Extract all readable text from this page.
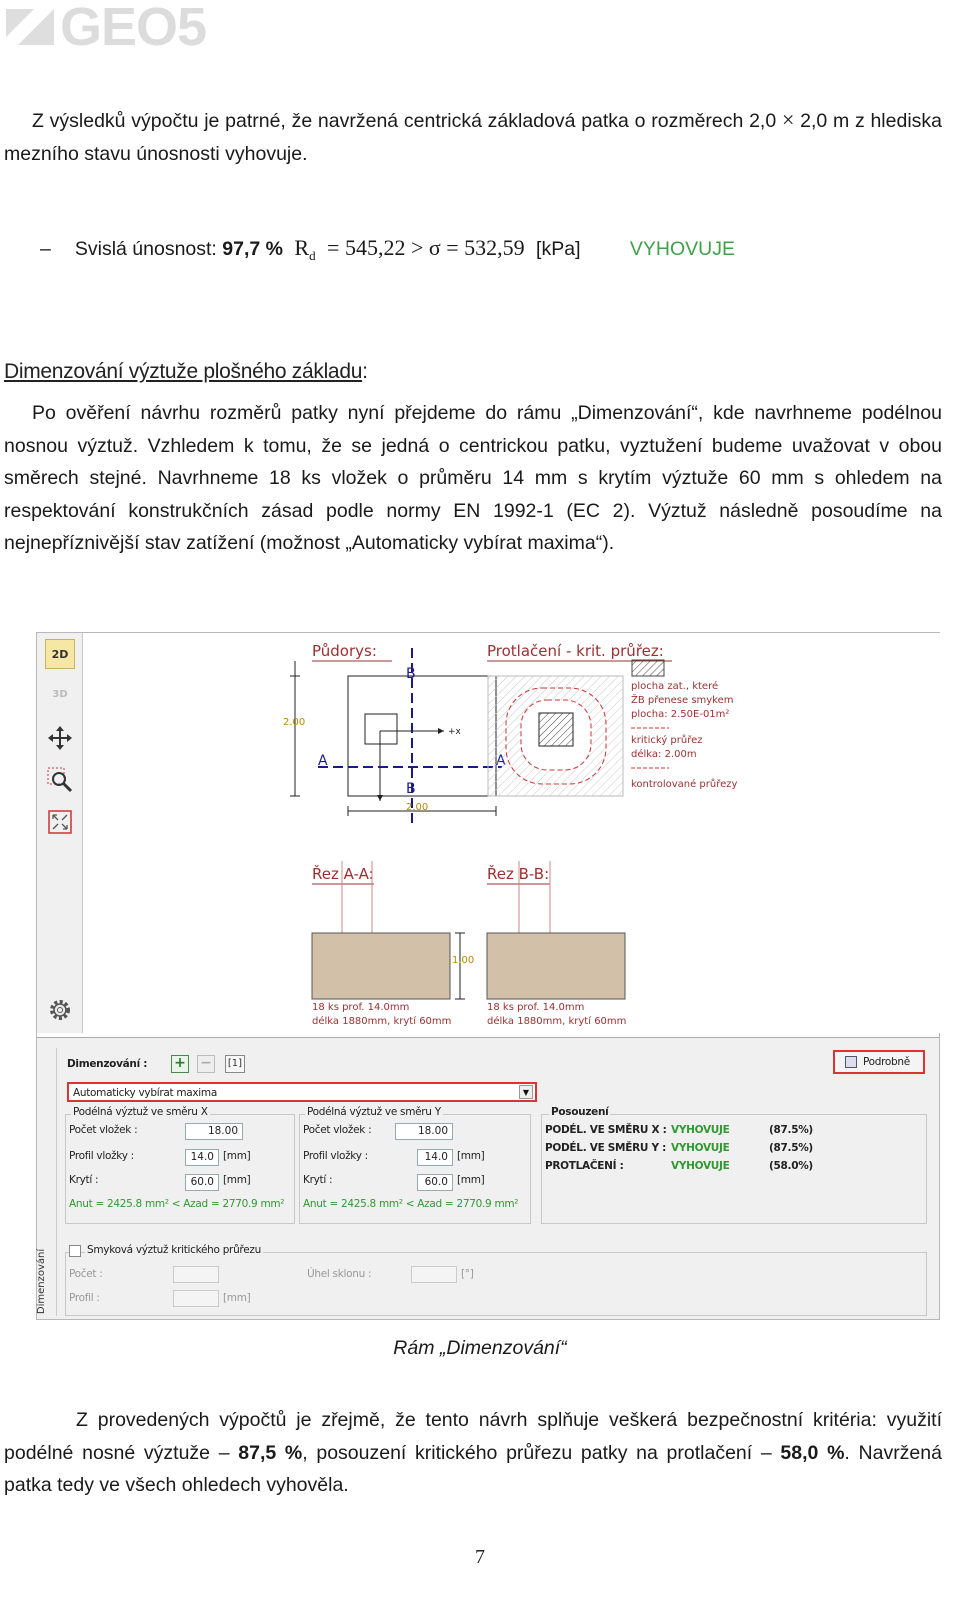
GEO5

Z výsledků výpočtu je patrné, že navržená centrická základová patka o rozměrech 2,0 × 2,0 m z hlediska mezního stavu únosnosti vyhovuje.

– Svislá únosnost: 97,7 % $R_d = 545,22 > \sigma = 532,59$ [kPa]	VYHOVUJE
Dimenzování výztuže plošného základu:

Po ověření návrhu rozměrů patky nyní přejdeme do rámu „Dimenzování“, kde navrhneme podélnou nosnou výztuž. Vzhledem k tomu, že se jedná o centrickou patku, vyztužení budeme uvažovat v obou směrech stejné. Navrhneme 18 ks vložek o průměru 14 mm s krytím výztuže 60 mm s ohledem na respektování konstrukčních zásad podle normy EN 1992-1 (EC 2). Výztuž následně posoudíme na nejnepříznivější stav zatížení (možnost „Automaticky vybírat maxima“).

2D
3D
Půdorys:
B
B
A
+x
2.00
2.00
Protlačení - krit. průřez:
plocha zat., které
ŽB přenese smykem
plocha: 2.50E-01m²
kritický průřez
délka: 2.00m
kontrolované průřezy
Řez A-A:
1.00
18 ks prof. 14.0mm
délka 1880mm, krytí 60mm
Řez B-B:
18 ks prof. 14.0mm
délka 1880mm, krytí 60mm
Dimenzování
Dimenzování : + −	[1]	Podrobně
Automaticky vybírat maxima	▼
Podélná výztuž ve směru X
Počet vložek :	18.00
Profil vložky :	14.0 [mm]
Krytí :	60.0 [mm]
Anut = 2425.8 mm² < Azad = 2770.9 mm²
Podélná výztuž ve směru Y
Počet vložek :	18.00
Profil vložky :	14.0 [mm]
Krytí :	60.0 [mm]
Anut = 2425.8 mm² < Azad = 2770.9 mm²
Posouzení
PODÉL. VE SMĚRU X : VYHOVUJE	(87.5%)
PODÉL. VE SMĚRU Y : VYHOVUJE	(87.5%)
PROTLAČENÍ :	VYHOVUJE	(58.0%)
Smyková výztuž kritického průřezu
Počet :
Profil :	[mm]
Úhel sklonu :	[°]
Rám „Dimenzování“

Z provedených výpočtů je zřejmě, že tento návrh splňuje veškerá bezpečnostní kritéria: využití podélné nosné výztuže – 87,5 %, posouzení kritického průřezu patky na protlačení – 58,0 %. Navržená patka tedy ve všech ohledech vyhověla.

7
